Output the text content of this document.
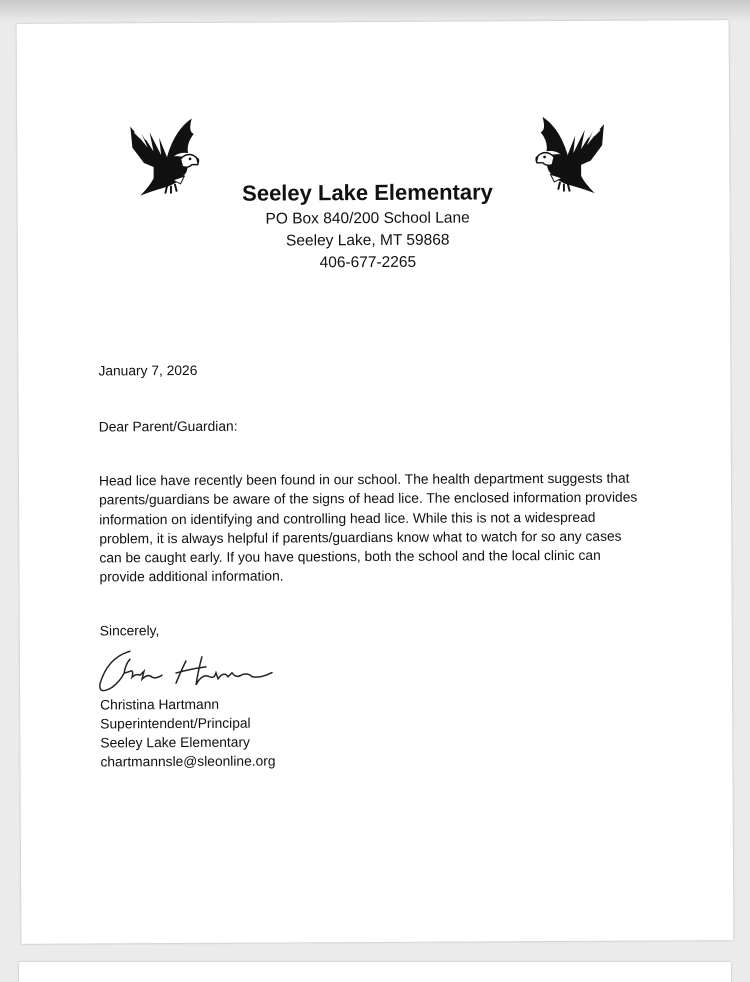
Seeley Lake Elementary
PO Box 840/200 School Lane
Seeley Lake, MT 59868
406-677-2265
January 7, 2026
Dear Parent/Guardian:
Head lice have recently been found in our school. The health department suggests that parents/guardians be aware of the signs of head lice. The enclosed information provides information on identifying and controlling head lice. While this is not a widespread problem, it is always helpful if parents/guardians know what to watch for so any cases can be caught early. If you have questions, both the school and the local clinic can provide additional information.
Sincerely,
Christina Hartmann
Superintendent/Principal
Seeley Lake Elementary
chartmannsle@sleonline.org
